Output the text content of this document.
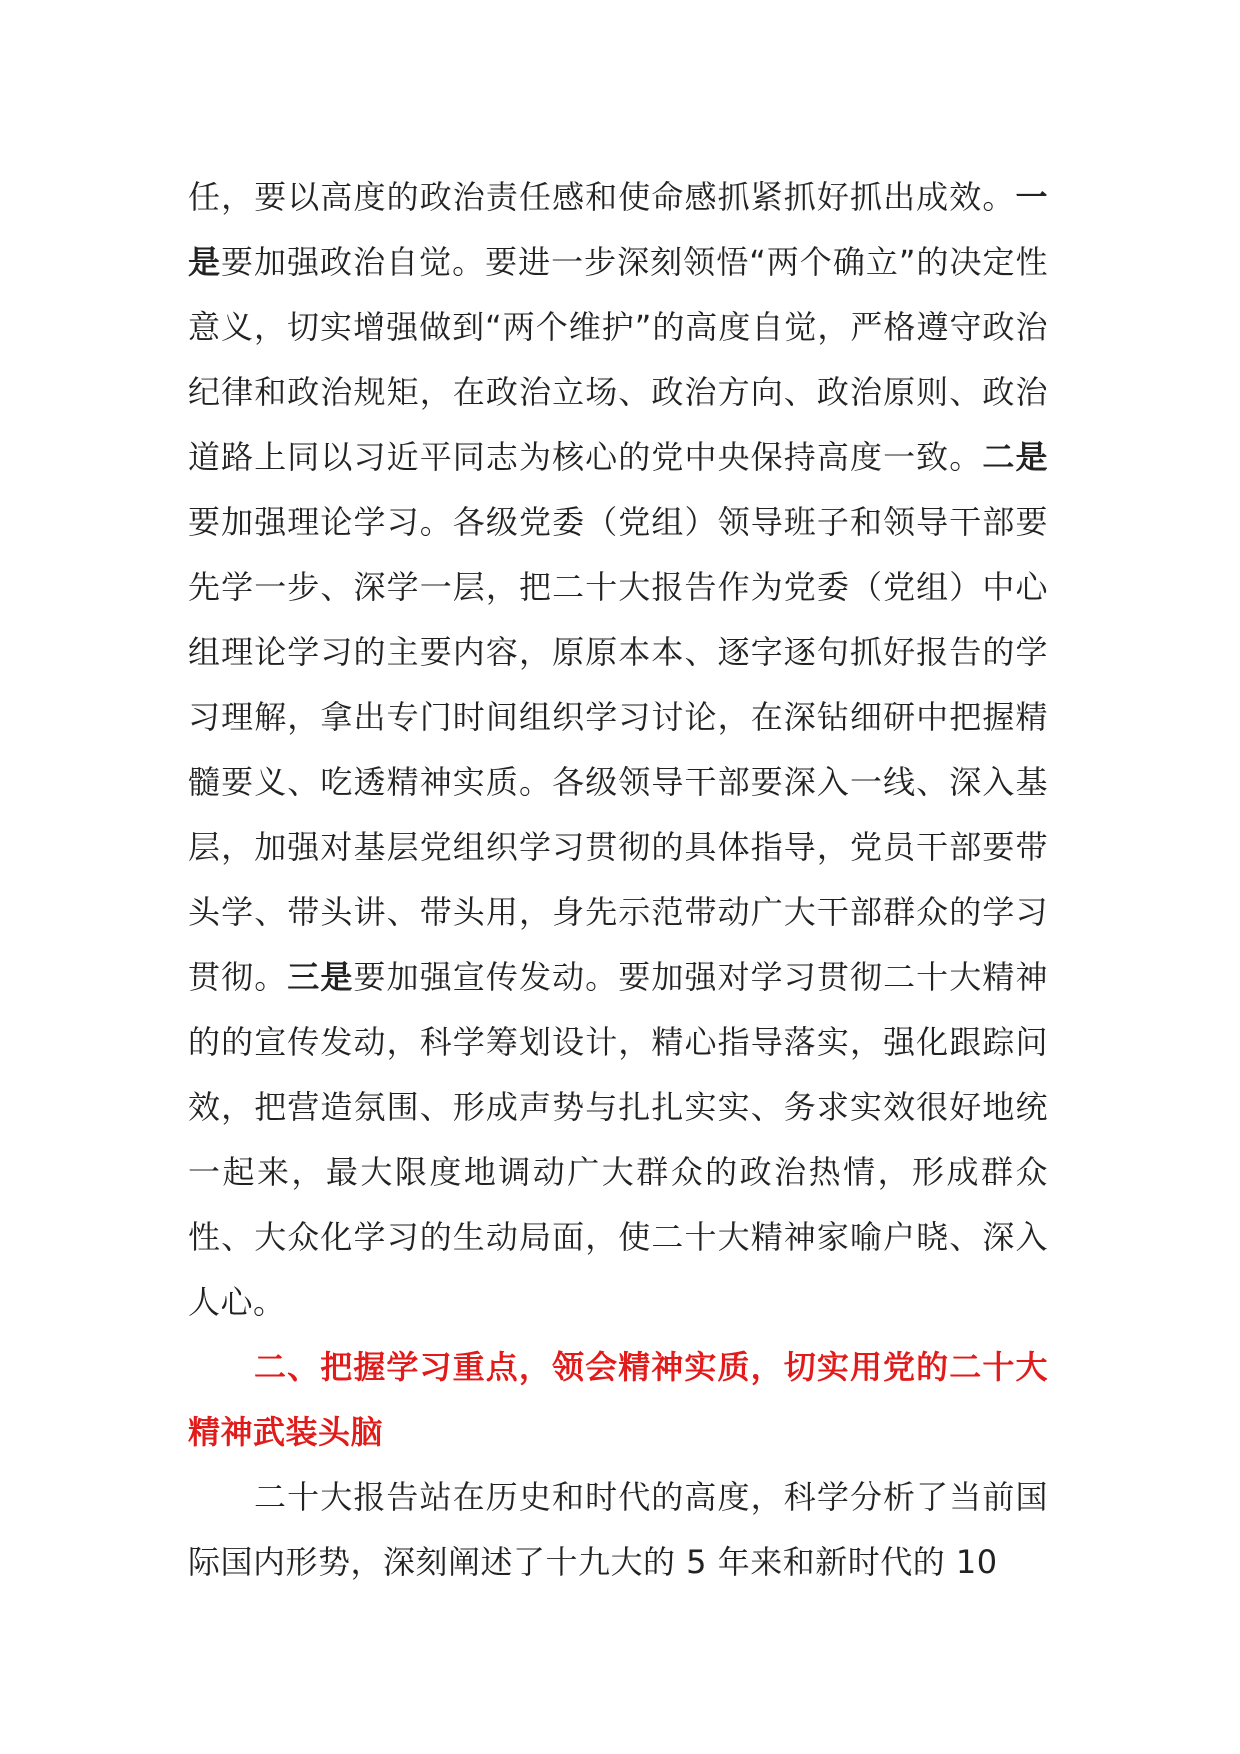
任，要以高度的政治责任感和使命感抓紧抓好抓出成效。一是要加强政治自觉。要进一步深刻领悟“两个确立”的决定性意义，切实增强做到“两个维护”的高度自觉，严格遵守政治纪律和政治规矩，在政治立场、政治方向、政治原则、政治道路上同以习近平同志为核心的党中央保持高度一致。二是要加强理论学习。各级党委（党组）领导班子和领导干部要先学一步、深学一层，把二十大报告作为党委（党组）中心组理论学习的主要内容，原原本本、逐字逐句抓好报告的学习理解，拿出专门时间组织学习讨论，在深钻细研中把握精髓要义、吃透精神实质。各级领导干部要深入一线、深入基层，加强对基层党组织学习贯彻的具体指导，党员干部要带头学、带头讲、带头用，身先示范带动广大干部群众的学习贯彻。三是要加强宣传发动。要加强对学习贯彻二十大精神的的宣传发动，科学筹划设计，精心指导落实，强化跟踪问效，把营造氛围、形成声势与扎扎实实、务求实效很好地统一起来，最大限度地调动广大群众的政治热情，形成群众性、大众化学习的生动局面，使二十大精神家喻户晓、深入人心。

二、把握学习重点，领会精神实质，切实用党的二十大精神武装头脑

二十大报告站在历史和时代的高度，科学分析了当前国际国内形势，深刻阐述了十九大的 5 年来和新时代的 10
